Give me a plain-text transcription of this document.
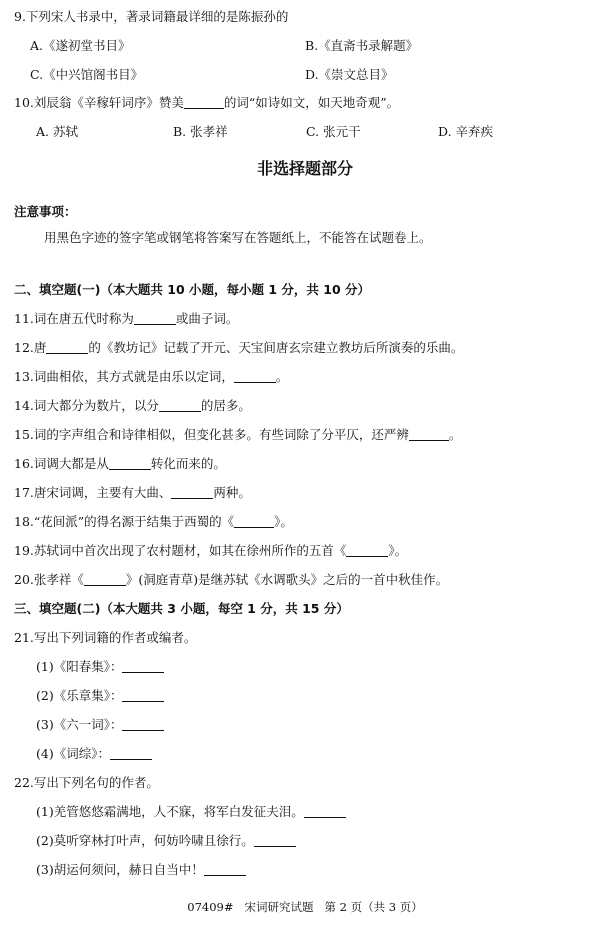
9.下列宋人书录中，著录词籍最详细的是陈振孙的
A.《遂初堂书目》	B.《直斋书录解题》
C.《中兴馆阁书目》	D.《崇文总目》
10.刘辰翁《辛稼轩词序》赞美	的词“如诗如文，如天地奇观”。
A. 苏轼	B. 张孝祥	C. 张元干	D. 辛弃疾
非选择题部分
注意事项：
用黑色字迹的签字笔或钢笔将答案写在答题纸上，不能答在试题卷上。
二、填空题(一)（本大题共 10 小题，每小题 1 分，共 10 分）
11.词在唐五代时称为	或曲子词。
12.唐	的《教坊记》记载了开元、天宝间唐玄宗建立教坊后所演奏的乐曲。
13.词曲相依，其方式就是由乐以定词，	。
14.词大都分为数片，以分	的居多。
15.词的字声组合和诗律相似，但变化甚多。有些词除了分平仄，还严辨	。
16.词调大都是从	转化而来的。
17.唐宋词调，主要有大曲、	两种。
18.“花间派”的得名源于结集于西蜀的《	》。
19.苏轼词中首次出现了农村题材，如其在徐州所作的五首《	》。
20.张孝祥《	》(洞庭青草)是继苏轼《水调歌头》之后的一首中秋佳作。
三、填空题(二)（本大题共 3 小题，每空 1 分，共 15 分）
21.写出下列词籍的作者或编者。
(1)《阳春集》：
(2)《乐章集》：
(3)《六一词》：
(4)《词综》：
22.写出下列名句的作者。
(1)羌管悠悠霜满地，人不寐，将军白发征夫泪。
(2)莫听穿林打叶声，何妨吟啸且徐行。
(3)胡运何须问，赫日自当中！
07409# 宋词研究试题 第 2 页（共 3 页）
